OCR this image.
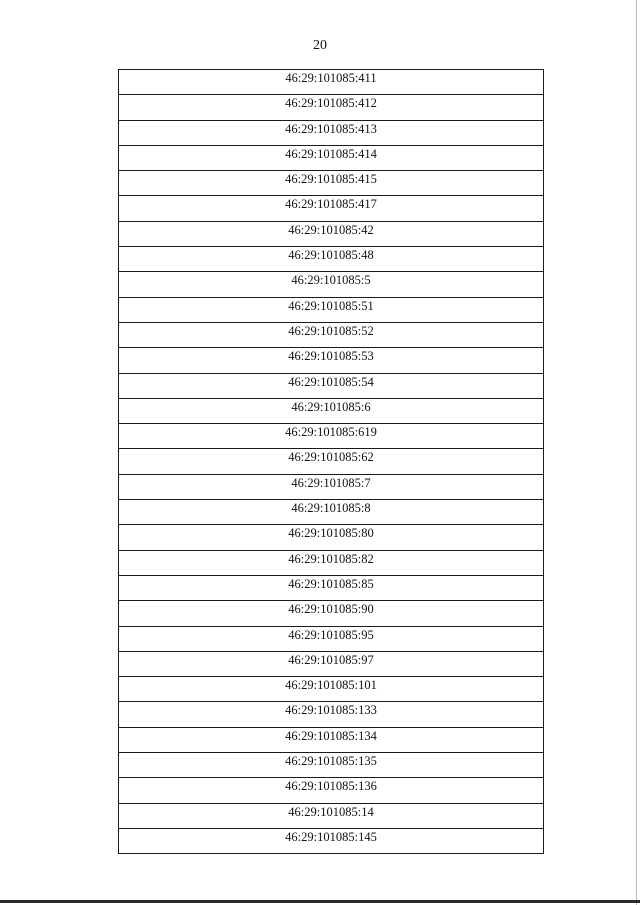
20
46:29:101085:411
46:29:101085:412
46:29:101085:413
46:29:101085:414
46:29:101085:415
46:29:101085:417
46:29:101085:42
46:29:101085:48
46:29:101085:5
46:29:101085:51
46:29:101085:52
46:29:101085:53
46:29:101085:54
46:29:101085:6
46:29:101085:619
46:29:101085:62
46:29:101085:7
46:29:101085:8
46:29:101085:80
46:29:101085:82
46:29:101085:85
46:29:101085:90
46:29:101085:95
46:29:101085:97
46:29:101085:101
46:29:101085:133
46:29:101085:134
46:29:101085:135
46:29:101085:136
46:29:101085:14
46:29:101085:145
